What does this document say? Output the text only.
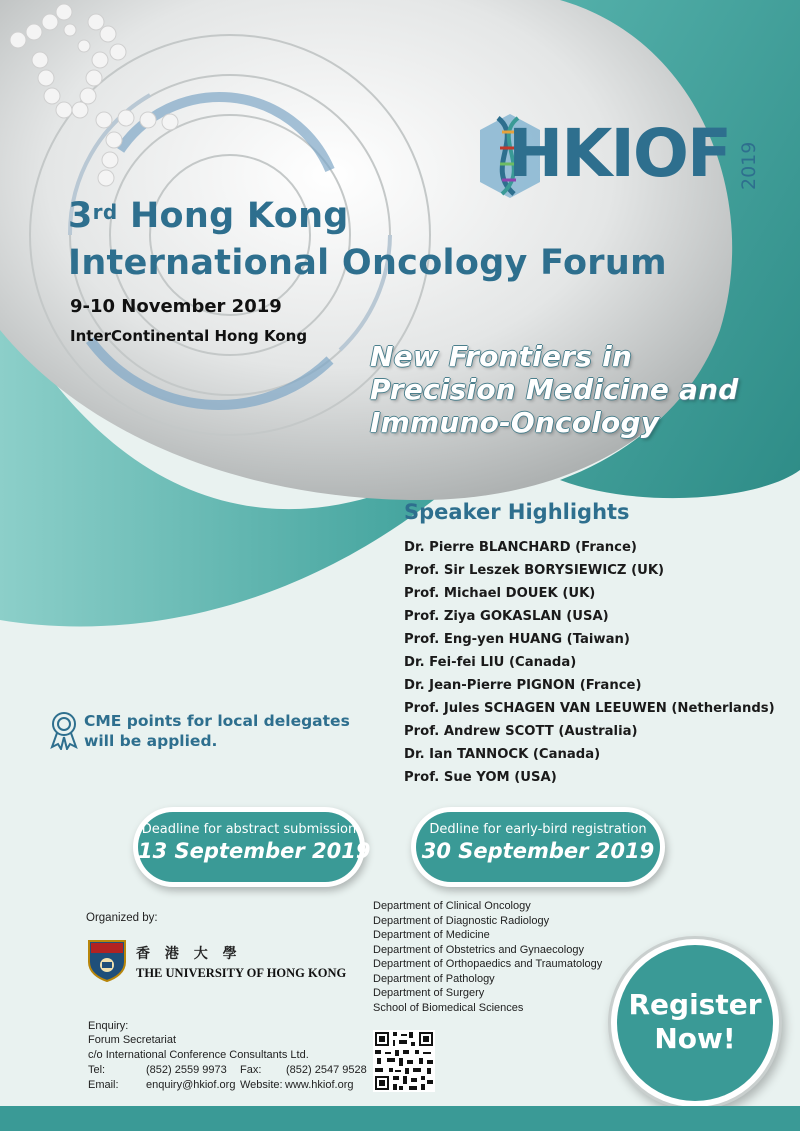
HKIOF 2019
3rd Hong Kong
International Oncology Forum
9-10 November 2019
InterContinental Hong Kong
New Frontiers in
Precision Medicine and
Immuno-Oncology
Speaker Highlights
Dr. Pierre BLANCHARD (France)
Prof. Sir Leszek BORYSIEWICZ (UK)
Prof. Michael DOUEK (UK)
Prof. Ziya GOKASLAN (USA)
Prof. Eng-yen HUANG (Taiwan)
Dr. Fei-fei LIU (Canada)
Dr. Jean-Pierre PIGNON (France)
Prof. Jules SCHAGEN VAN LEEUWEN (Netherlands)
Prof. Andrew SCOTT (Australia)
Dr. Ian TANNOCK (Canada)
Prof. Sue YOM (USA)
CME points for local delegates
will be applied.
Deadline for abstract submission
13 September 2019
Dedline for early-bird registration
30 September 2019
Organized by:
香 港 大 學
THE UNIVERSITY OF HONG KONG
Department of Clinical Oncology
Department of Diagnostic Radiology
Department of Medicine
Department of Obstetrics and Gynaecology
Department of Orthopaedics and Traumatology
Department of Pathology
Department of Surgery
School of Biomedical Sciences
Enquiry:
Forum Secretariat
c/o International Conference Consultants Ltd.
Tel:	(852) 2559 9973 Fax: (852) 2547 9528
Email: enquiry@hkiof.org Website: www.hkiof.org
Register
Now!
